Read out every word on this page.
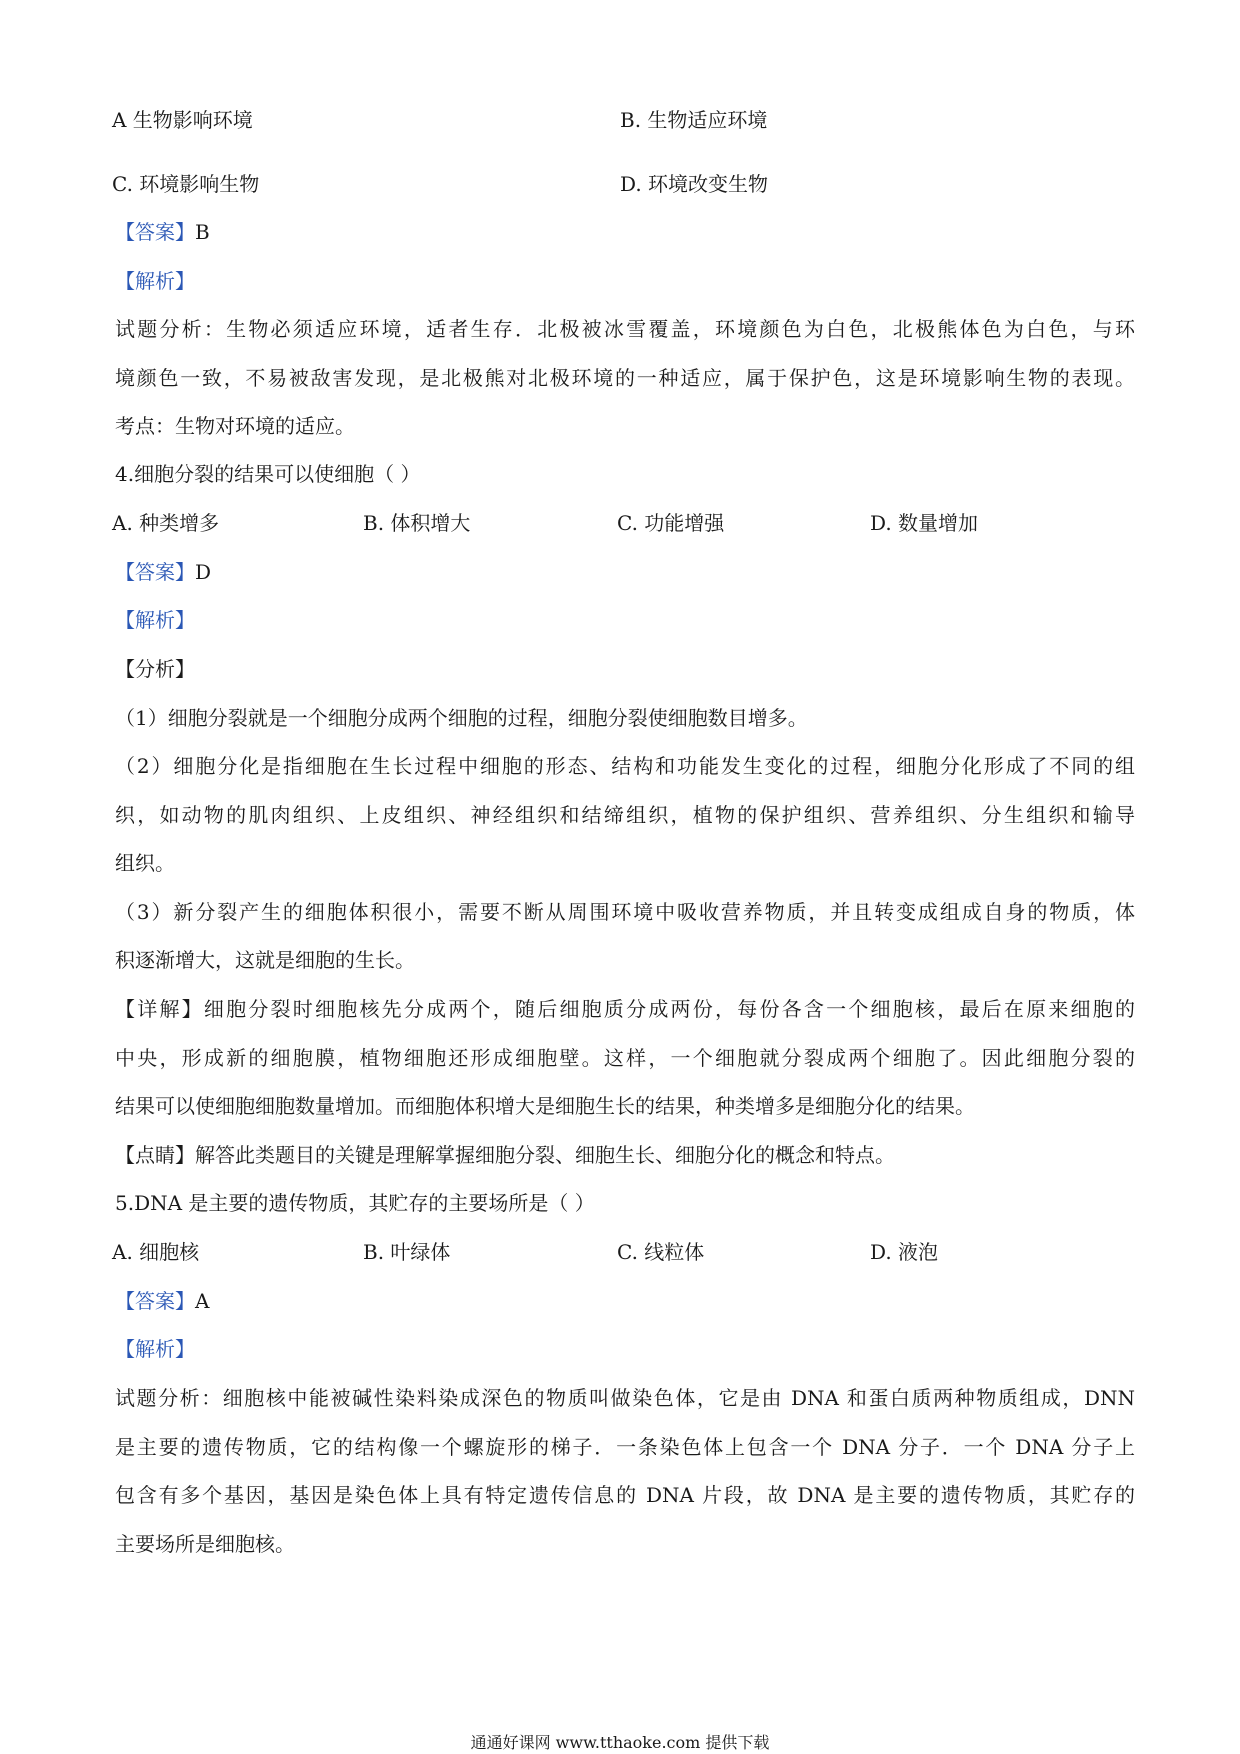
A 生物影响环境	B. 生物适应环境
C. 环境影响生物	D. 环境改变生物
【答案】B
【解析】
试题分析：生物必须适应环境，适者生存．北极被冰雪覆盖，环境颜色为白色，北极熊体色为白色，与环
境颜色一致，不易被敌害发现，是北极熊对北极环境的一种适应，属于保护色，这是环境影响生物的表现。
考点：生物对环境的适应。
4.细胞分裂的结果可以使细胞（ ）
A. 种类增多	B. 体积增大	C. 功能增强	D. 数量增加
【答案】D
【解析】
【分析】
（1）细胞分裂就是一个细胞分成两个细胞的过程，细胞分裂使细胞数目增多。
（2）细胞分化是指细胞在生长过程中细胞的形态、结构和功能发生变化的过程，细胞分化形成了不同的组
织，如动物的肌肉组织、上皮组织、神经组织和结缔组织，植物的保护组织、营养组织、分生组织和输导
组织。
（3）新分裂产生的细胞体积很小，需要不断从周围环境中吸收营养物质，并且转变成组成自身的物质，体
积逐渐增大，这就是细胞的生长。
【详解】细胞分裂时细胞核先分成两个，随后细胞质分成两份，每份各含一个细胞核，最后在原来细胞的
中央，形成新的细胞膜，植物细胞还形成细胞壁。这样，一个细胞就分裂成两个细胞了。因此细胞分裂的
结果可以使细胞细胞数量增加。而细胞体积增大是细胞生长的结果，种类增多是细胞分化的结果。
【点睛】解答此类题目的关键是理解掌握细胞分裂、细胞生长、细胞分化的概念和特点。
5.DNA 是主要的遗传物质，其贮存的主要场所是（ ）
A. 细胞核	B. 叶绿体	C. 线粒体	D. 液泡
【答案】A
【解析】
试题分析：细胞核中能被碱性染料染成深色的物质叫做染色体，它是由 DNA 和蛋白质两种物质组成，DNN
是主要的遗传物质，它的结构像一个螺旋形的梯子．一条染色体上包含一个 DNA 分子．一个 DNA 分子上
包含有多个基因，基因是染色体上具有特定遗传信息的 DNA 片段，故 DNA 是主要的遗传物质，其贮存的
主要场所是细胞核。
通通好课网 www.tthaoke.com 提供下载
